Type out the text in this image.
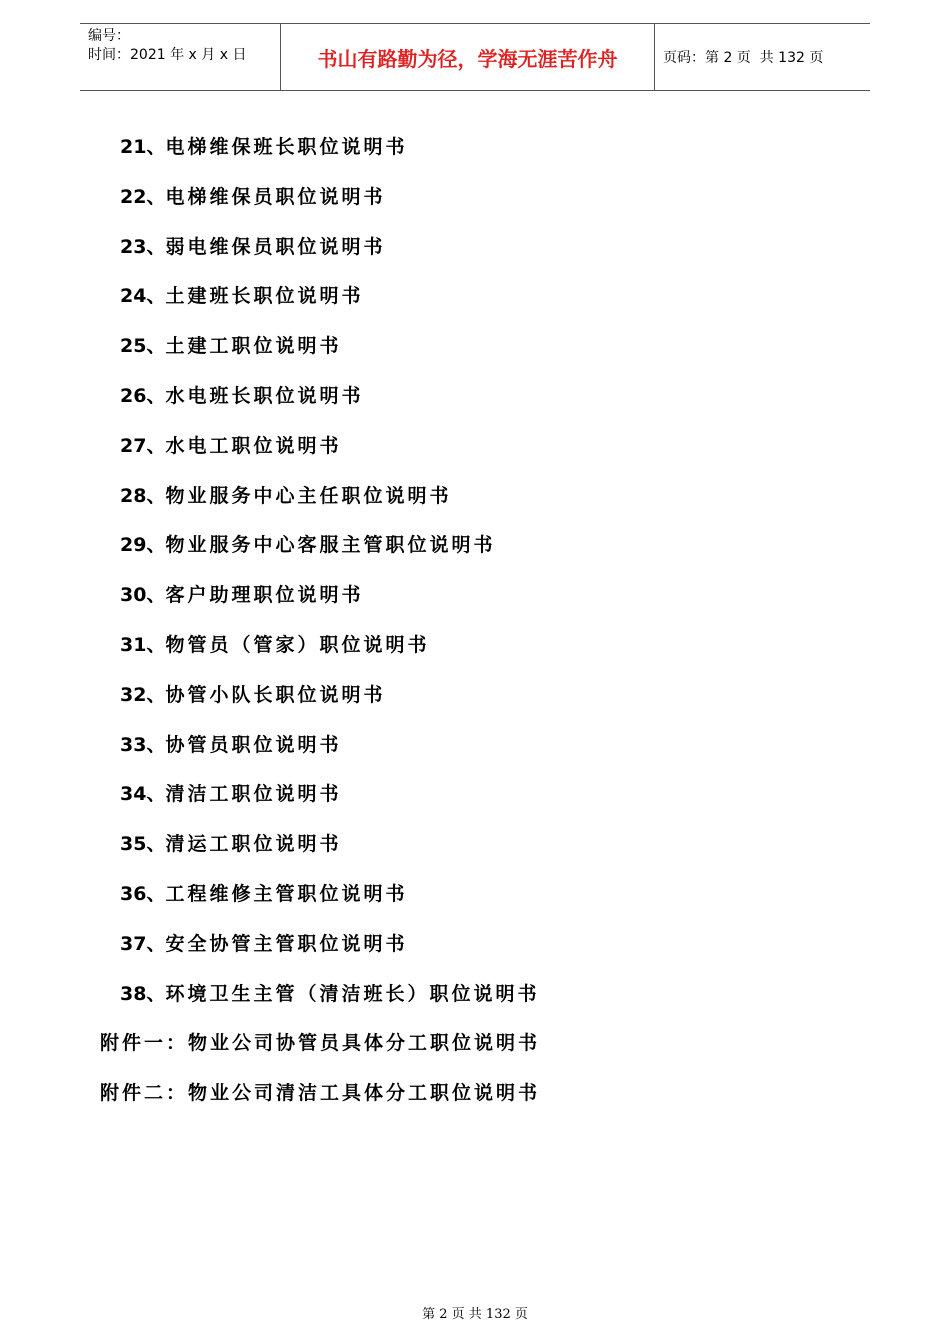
编号：
时间：2021 年 x 月 x 日	书山有路勤为径，学海无涯苦作舟	页码：第 2 页  共 132 页
21、电梯维保班长职位说明书
22、电梯维保员职位说明书
23、弱电维保员职位说明书
24、土建班长职位说明书
25、土建工职位说明书
26、水电班长职位说明书
27、水电工职位说明书
28、物业服务中心主任职位说明书
29、物业服务中心客服主管职位说明书
30、客户助理职位说明书
31、物管员（管家）职位说明书
32、协管小队长职位说明书
33、协管员职位说明书
34、清洁工职位说明书
35、清运工职位说明书
36、工程维修主管职位说明书
37、安全协管主管职位说明书
38、环境卫生主管（清洁班长）职位说明书
附件一：物业公司协管员具体分工职位说明书
附件二：物业公司清洁工具体分工职位说明书
第 2 页 共 132 页
